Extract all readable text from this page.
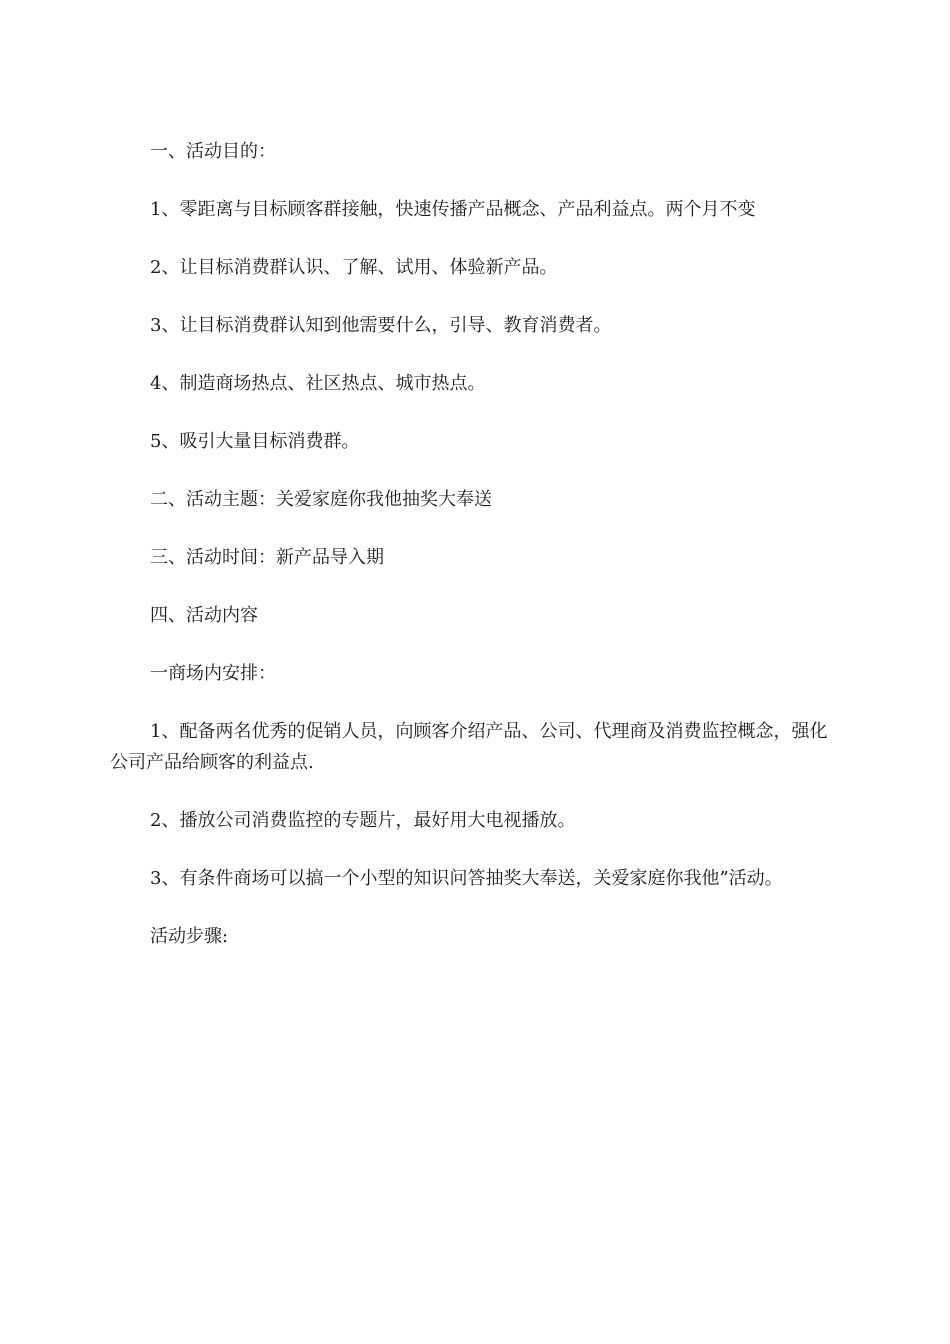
一、活动目的：

1、零距离与目标顾客群接触，快速传播产品概念、产品利益点。两个月不变

2、让目标消费群认识、了解、试用、体验新产品。

3、让目标消费群认知到他需要什么，引导、教育消费者。

4、制造商场热点、社区热点、城市热点。

5、吸引大量目标消费群。

二、活动主题：关爱家庭你我他抽奖大奉送

三、活动时间：新产品导入期

四、活动内容

一商场内安排：

1、配备两名优秀的促销人员，向顾客介绍产品、公司、代理商及消费监控概念，强化公司产品给顾客的利益点.

2、播放公司消费监控的专题片，最好用大电视播放。

3、有条件商场可以搞一个小型的知识问答抽奖大奉送，关爱家庭你我他”活动。

活动步骤:
